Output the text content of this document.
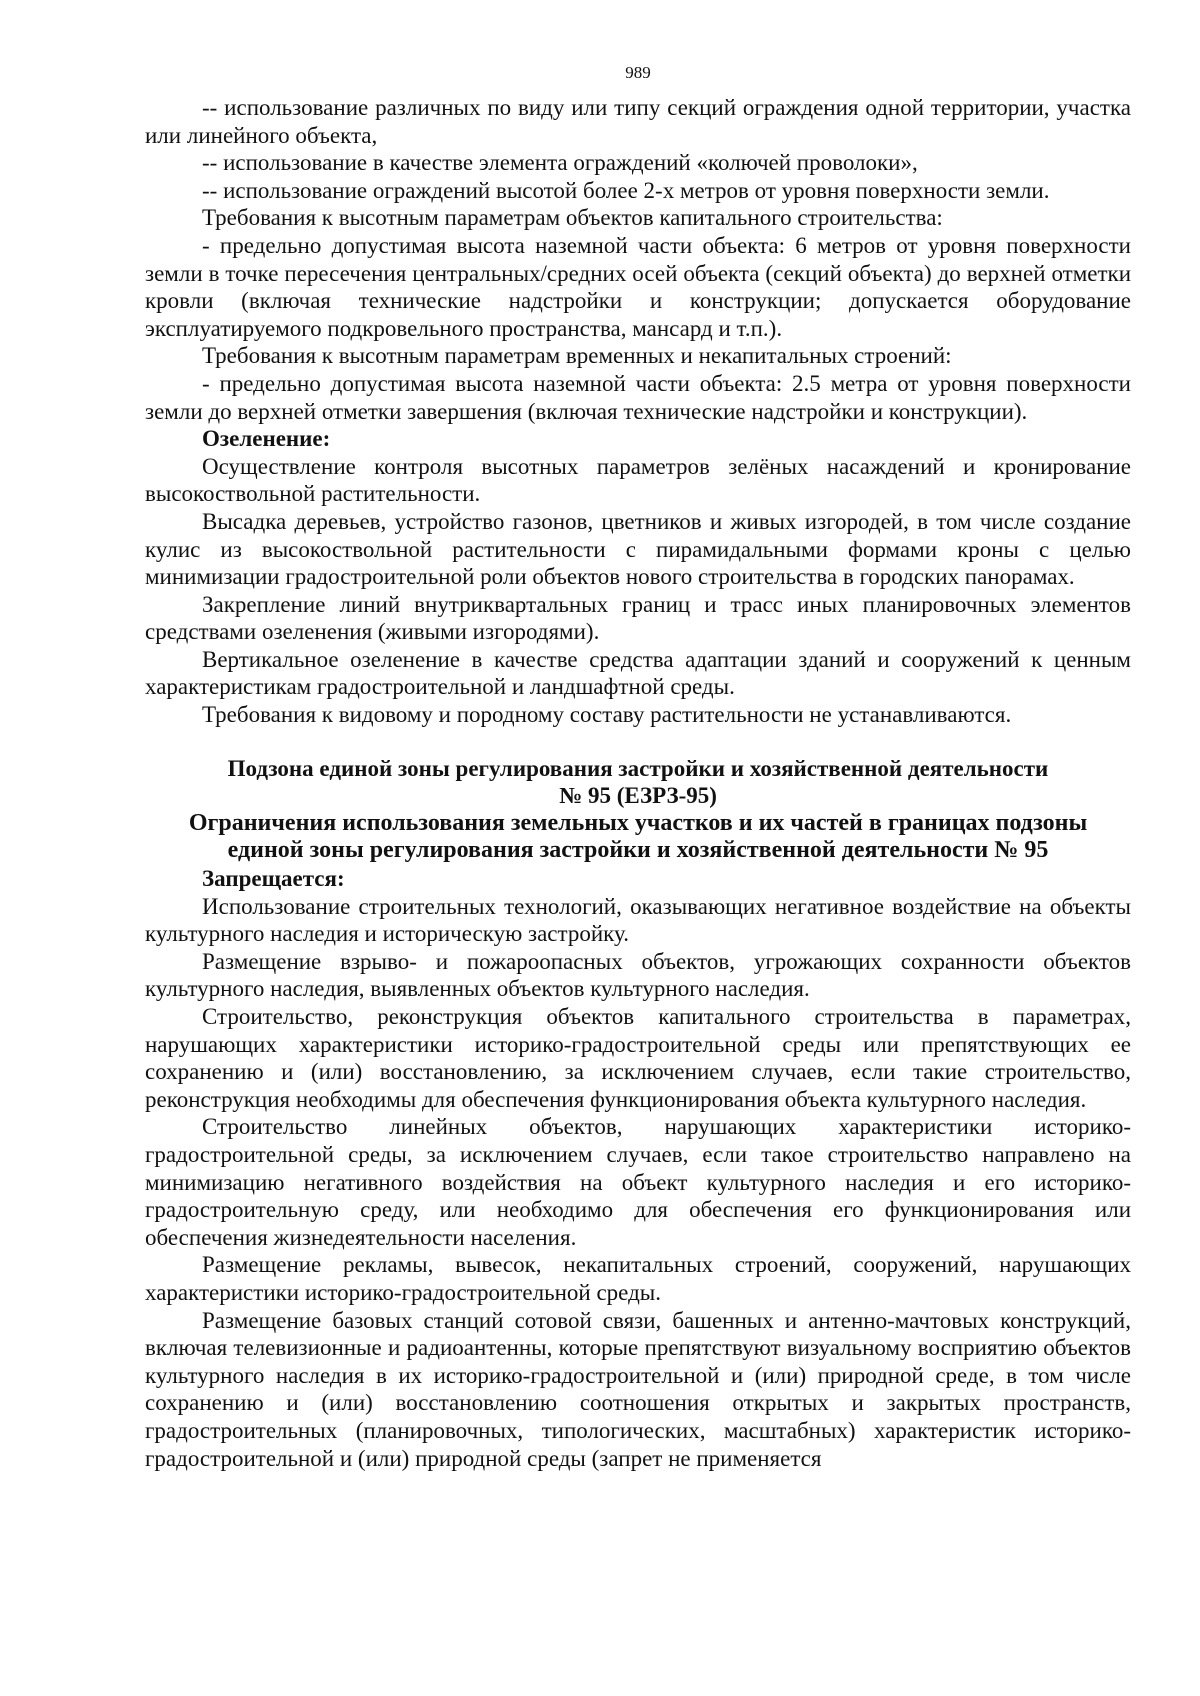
989

-- использование различных по виду или типу секций ограждения одной территории, участка или линейного объекта,

-- использование в качестве элемента ограждений «колючей проволоки»,

-- использование ограждений высотой более 2-х метров от уровня поверхности земли.

Требования к высотным параметрам объектов капитального строительства:

- предельно допустимая высота наземной части объекта: 6 метров от уровня поверхности земли в точке пересечения центральных/средних осей объекта (секций объекта) до верхней отметки кровли (включая технические надстройки и конструкции; допускается оборудование эксплуатируемого подкровельного пространства, мансард и т.п.).

Требования к высотным параметрам временных и некапитальных строений:

- предельно допустимая высота наземной части объекта: 2.5 метра от уровня поверхности земли до верхней отметки завершения (включая технические надстройки и конструкции).

Озеленение:

Осуществление контроля высотных параметров зелёных насаждений и кронирование высокоствольной растительности.

Высадка деревьев, устройство газонов, цветников и живых изгородей, в том числе создание кулис из высокоствольной растительности с пирамидальными формами кроны с целью минимизации градостроительной роли объектов нового строительства в городских панорамах.

Закрепление линий внутриквартальных границ и трасс иных планировочных элементов средствами озеленения (живыми изгородями).

Вертикальное озеленение в качестве средства адаптации зданий и сооружений к ценным характеристикам градостроительной и ландшафтной среды.

Требования к видовому и породному составу растительности не устанавливаются.

Подзона единой зоны регулирования застройки и хозяйственной деятельности
№ 95 (ЕЗРЗ-95)
Ограничения использования земельных участков и их частей в границах подзоны
единой зоны регулирования застройки и хозяйственной деятельности № 95
Запрещается:

Использование строительных технологий, оказывающих негативное воздействие на объекты культурного наследия и историческую застройку.

Размещение взрыво- и пожароопасных объектов, угрожающих сохранности объектов культурного наследия, выявленных объектов культурного наследия.

Строительство, реконструкция объектов капитального строительства в параметрах, нарушающих характеристики историко-градостроительной среды или препятствующих ее сохранению и (или) восстановлению, за исключением случаев, если такие строительство, реконструкция необходимы для обеспечения функционирования объекта культурного наследия.

Строительство линейных объектов, нарушающих характеристики историко-градостроительной среды, за исключением случаев, если такое строительство направлено на минимизацию негативного воздействия на объект культурного наследия и его историко-градостроительную среду, или необходимо для обеспечения его функционирования или обеспечения жизнедеятельности населения.

Размещение рекламы, вывесок, некапитальных строений, сооружений, нарушающих характеристики историко-градостроительной среды.

Размещение базовых станций сотовой связи, башенных и антенно-мачтовых конструкций, включая телевизионные и радиоантенны, которые препятствуют визуальному восприятию объектов культурного наследия в их историко-градостроительной и (или) природной среде, в том числе сохранению и (или) восстановлению соотношения открытых и закрытых пространств, градостроительных (планировочных, типологических, масштабных) характеристик историко-градостроительной и (или) природной среды (запрет не применяется
